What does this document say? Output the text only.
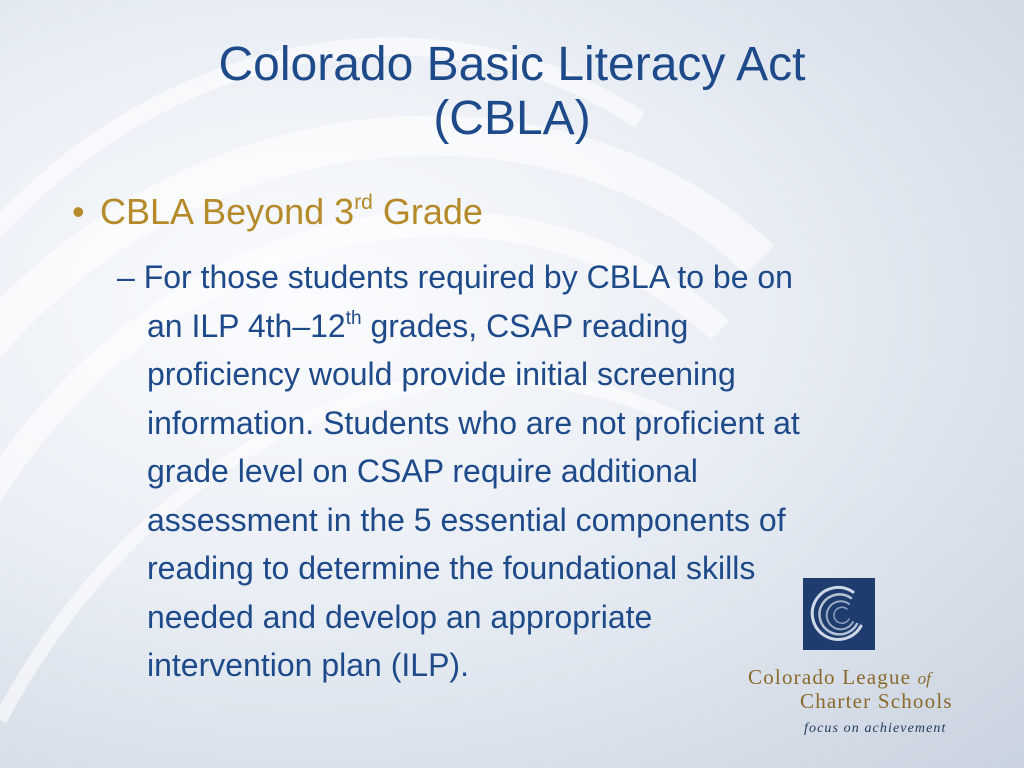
Colorado Basic Literacy Act
(CBLA)
• CBLA Beyond 3rd Grade
– For those students required by CBLA to be on
an ILP 4th–12th grades, CSAP reading
proficiency would provide initial screening
information. Students who are not proficient at
grade level on CSAP require additional
assessment in the 5 essential components of
reading to determine the foundational skills
needed and develop an appropriate
intervention plan (ILP).	Colorado League of
Charter Schools
focus on achievement
